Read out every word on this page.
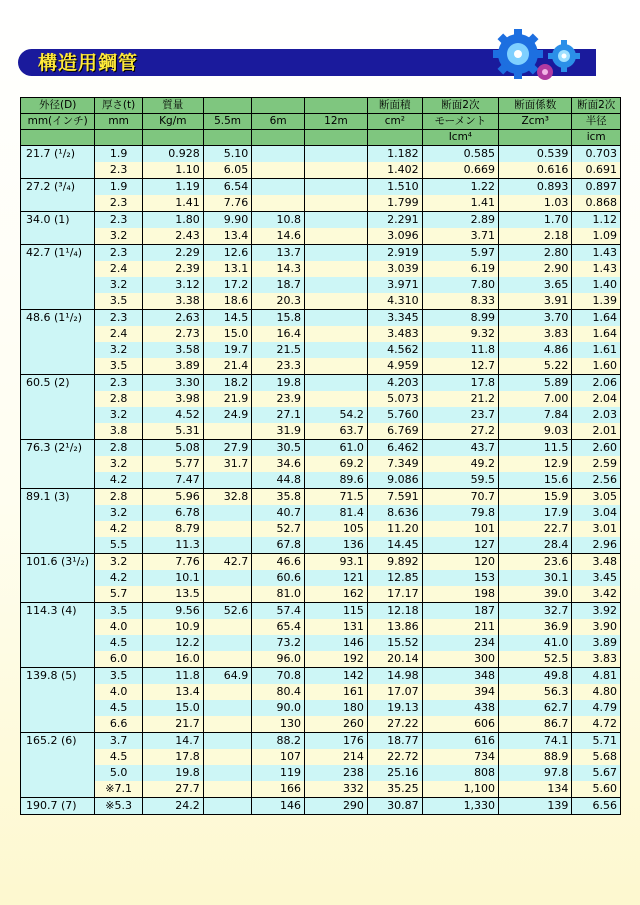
構造用鋼管
外径(D)	厚さ(t)	質量				断面積	断面2次	断面係数	断面2次
mm(インチ)	mm	Kg/m	5.5m	6m	12m	cm²	モーメント	Zcm³	半径
							Icm⁴		icm
21.7 (¹/₂)	1.9	0.928	5.10			1.182	0.585	0.539	0.703
	2.3	1.10	6.05			1.402	0.669	0.616	0.691
27.2 (³/₄)	1.9	1.19	6.54			1.510	1.22	0.893	0.897
	2.3	1.41	7.76			1.799	1.41	1.03	0.868
34.0 (1)	2.3	1.80	9.90	10.8		2.291	2.89	1.70	1.12
	3.2	2.43	13.4	14.6		3.096	3.71	2.18	1.09
42.7 (1¹/₄)	2.3	2.29	12.6	13.7		2.919	5.97	2.80	1.43
	2.4	2.39	13.1	14.3		3.039	6.19	2.90	1.43
	3.2	3.12	17.2	18.7		3.971	7.80	3.65	1.40
	3.5	3.38	18.6	20.3		4.310	8.33	3.91	1.39
48.6 (1¹/₂)	2.3	2.63	14.5	15.8		3.345	8.99	3.70	1.64
	2.4	2.73	15.0	16.4		3.483	9.32	3.83	1.64
	3.2	3.58	19.7	21.5		4.562	11.8	4.86	1.61
	3.5	3.89	21.4	23.3		4.959	12.7	5.22	1.60
60.5 (2)	2.3	3.30	18.2	19.8		4.203	17.8	5.89	2.06
	2.8	3.98	21.9	23.9		5.073	21.2	7.00	2.04
	3.2	4.52	24.9	27.1	54.2	5.760	23.7	7.84	2.03
	3.8	5.31		31.9	63.7	6.769	27.2	9.03	2.01
76.3 (2¹/₂)	2.8	5.08	27.9	30.5	61.0	6.462	43.7	11.5	2.60
	3.2	5.77	31.7	34.6	69.2	7.349	49.2	12.9	2.59
	4.2	7.47		44.8	89.6	9.086	59.5	15.6	2.56
89.1 (3)	2.8	5.96	32.8	35.8	71.5	7.591	70.7	15.9	3.05
	3.2	6.78		40.7	81.4	8.636	79.8	17.9	3.04
	4.2	8.79		52.7	105	11.20	101	22.7	3.01
	5.5	11.3		67.8	136	14.45	127	28.4	2.96
101.6 (3¹/₂)	3.2	7.76	42.7	46.6	93.1	9.892	120	23.6	3.48
	4.2	10.1		60.6	121	12.85	153	30.1	3.45
	5.7	13.5		81.0	162	17.17	198	39.0	3.42
114.3 (4)	3.5	9.56	52.6	57.4	115	12.18	187	32.7	3.92
	4.0	10.9		65.4	131	13.86	211	36.9	3.90
	4.5	12.2		73.2	146	15.52	234	41.0	3.89
	6.0	16.0		96.0	192	20.14	300	52.5	3.83
139.8 (5)	3.5	11.8	64.9	70.8	142	14.98	348	49.8	4.81
	4.0	13.4		80.4	161	17.07	394	56.3	4.80
	4.5	15.0		90.0	180	19.13	438	62.7	4.79
	6.6	21.7		130	260	27.22	606	86.7	4.72
165.2 (6)	3.7	14.7		88.2	176	18.77	616	74.1	5.71
	4.5	17.8		107	214	22.72	734	88.9	5.68
	5.0	19.8		119	238	25.16	808	97.8	5.67
	※7.1	27.7		166	332	35.25	1,100	134	5.60
190.7 (7)	※5.3	24.2		146	290	30.87	1,330	139	6.56
